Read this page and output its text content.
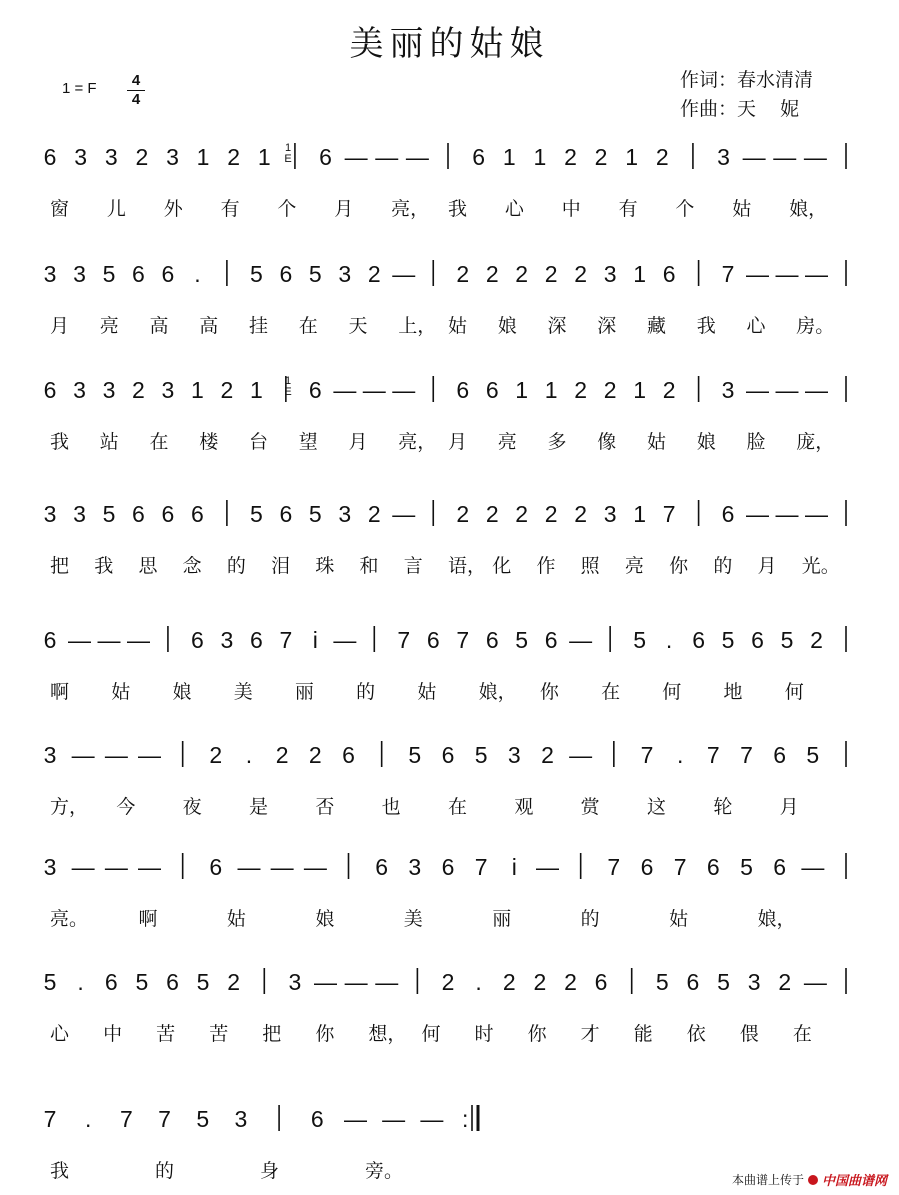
美丽的姑娘
1 = F	4
4
作词：春水清清
作曲：天    妮
6 3 3 2 3 1 2 1 6 — — — 6 1 1 2 2 1 2 3 — — —
窗 儿 外 有 个 月 亮， 我 心 中 有 个 姑 娘，
3 3 5 6 6 . 5 6 5 3 2 — 2 2 2 2 2 3 1 6 7 — — —
月 亮 高 高 挂 在 天 上， 姑 娘 深 深 藏 我 心 房。
6 3 3 2 3 1 2 1 6 — — — 6 6 1 1 2 2 1 2 3 — — —
我 站 在 楼 台 望 月 亮， 月 亮 多 像 姑 娘 脸 庞，
3 3 5 6 6 6 5 6 5 3 2 — 2 2 2 2 2 3 1 7 6 — — —
把 我 思 念 的 泪 珠 和 言 语， 化 作 照 亮 你 的 月 光。
6 — — — 6 3 6 7 i — 7 6 7 6 5 6 — 5 . 6 5 6 5 2
啊 姑 娘 美 丽 的 姑 娘， 你 在 何 地 何
3 — — — 2 . 2 2 6 5 6 5 3 2 — 7 . 7 7 6 5
方， 今 夜 是 否 也 在 观 赏 这 轮 月
3 — — — 6 — — — 6 3 6 7 i — 7 6 7 6 5 6 —
亮。	啊	姑	娘	美	丽	的	姑	娘，
5 . 6 5 6 5 2 3 — — — 2 . 2 2 2 6 5 6 5 3 2 —
心 中 苦 苦 把 你 想， 何 时 你 才 能 依 偎 在
7 . 7 7 5 3	6 — — — :
我	的	身	旁。
1
E
1
E
本曲谱上传于 中国曲谱网
